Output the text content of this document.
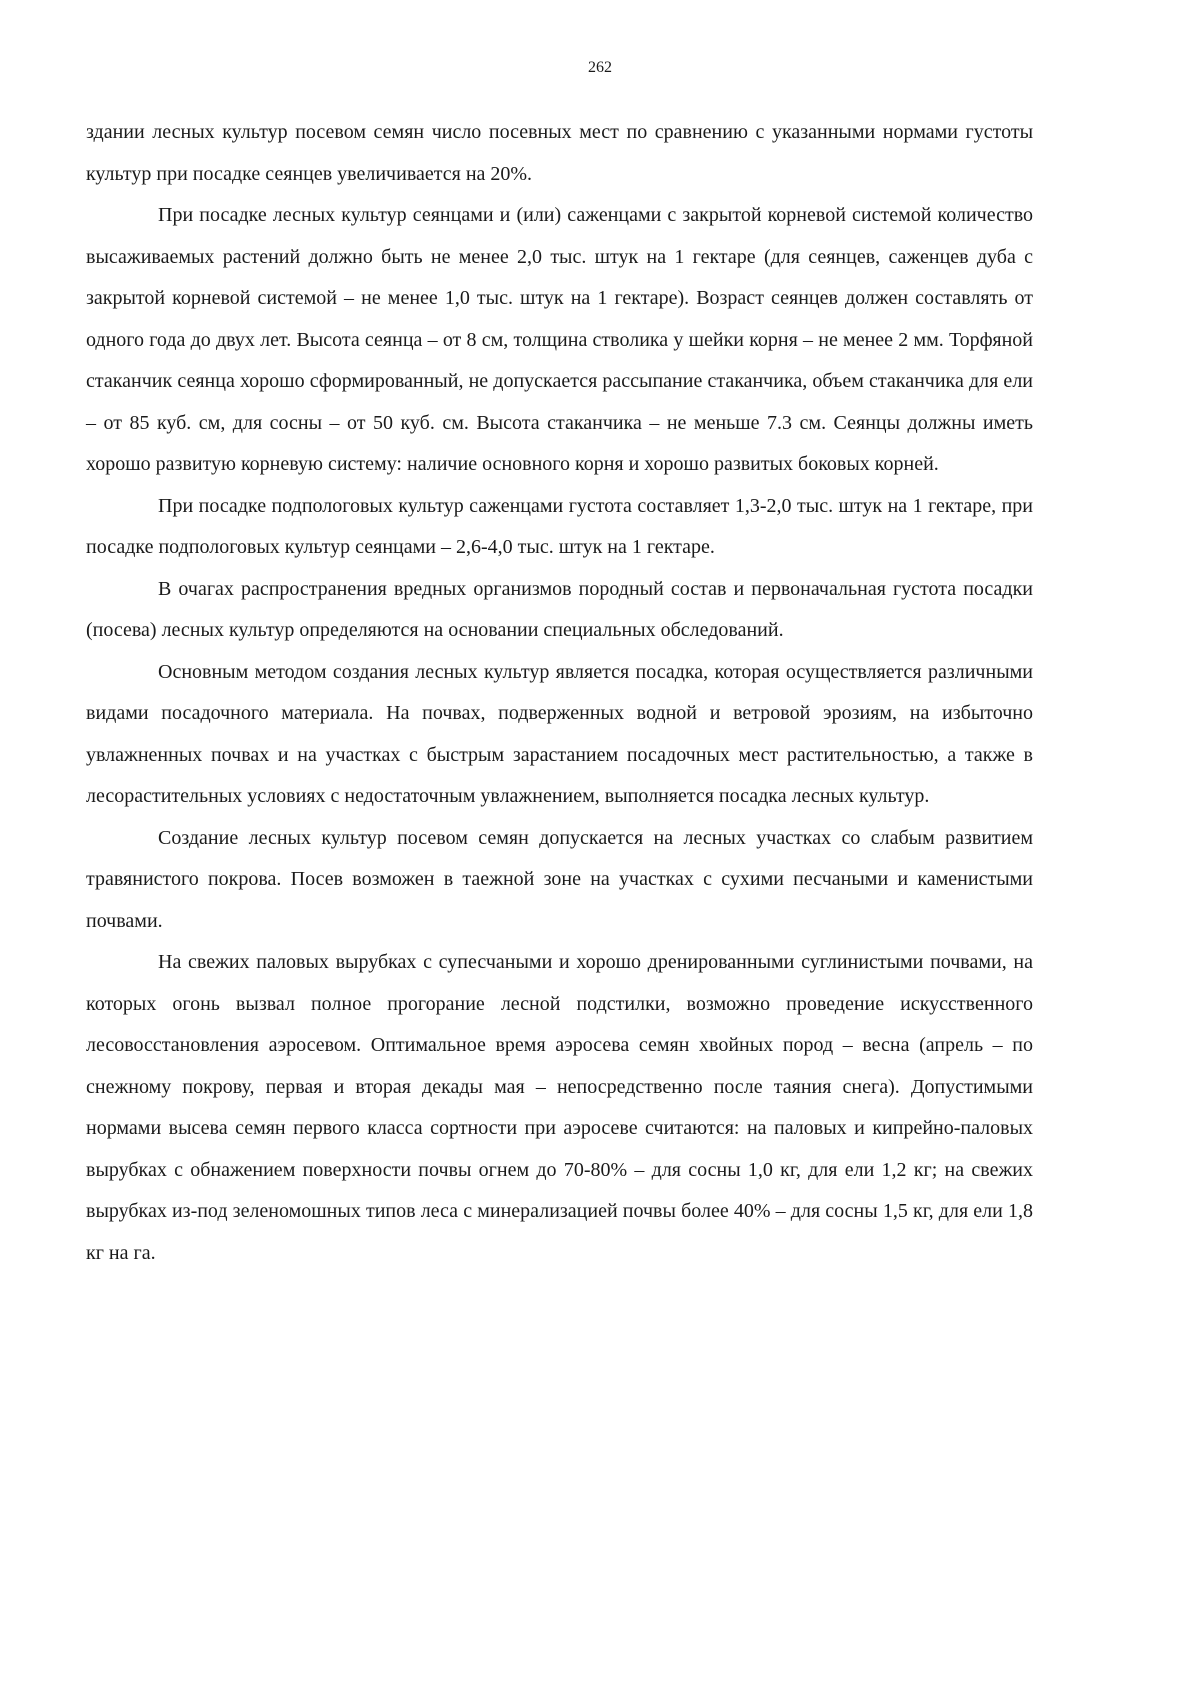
262

здании лесных культур посевом семян число посевных мест по сравнению с указанными нормами густоты культур при посадке сеянцев увеличивается на 20%.

При посадке лесных культур сеянцами и (или) саженцами с закрытой корневой системой количество высаживаемых растений должно быть не менее 2,0 тыс. штук на 1 гектаре (для сеянцев, саженцев дуба с закрытой корневой системой – не менее 1,0 тыс. штук на 1 гектаре). Возраст сеянцев должен составлять от одного года до двух лет. Высота сеянца – от 8 см, толщина стволика у шейки корня – не менее 2 мм. Торфяной стаканчик сеянца хорошо сформированный, не допускается рассыпание стаканчика, объем стаканчика для ели – от 85 куб. см, для сосны – от 50 куб. см. Высота стаканчика – не меньше 7.3 см. Сеянцы должны иметь хорошо развитую корневую систему: наличие основного корня и хорошо развитых боковых корней.

При посадке подпологовых культур саженцами густота составляет 1,3-2,0 тыс. штук на 1 гектаре, при посадке подпологовых культур сеянцами – 2,6-4,0 тыс. штук на 1 гектаре.

В очагах распространения вредных организмов породный состав и первоначальная густота посадки (посева) лесных культур определяются на основании специальных обследований.

Основным методом создания лесных культур является посадка, которая осуществляется различными видами посадочного материала. На почвах, подверженных водной и ветровой эрозиям, на избыточно увлажненных почвах и на участках с быстрым зарастанием посадочных мест растительностью, а также в лесорастительных условиях с недостаточным увлажнением, выполняется посадка лесных культур.

Создание лесных культур посевом семян допускается на лесных участках со слабым развитием травянистого покрова. Посев возможен в таежной зоне на участках с сухими песчаными и каменистыми почвами.

На свежих паловых вырубках с супесчаными и хорошо дренированными суглинистыми почвами, на которых огонь вызвал полное прогорание лесной подстилки, возможно проведение искусственного лесовосстановления аэросевом. Оптимальное время аэросева семян хвойных пород – весна (апрель – по снежному покрову, первая и вторая декады мая – непосредственно после таяния снега). Допустимыми нормами высева семян первого класса сортности при аэросеве считаются: на паловых и кипрейно-паловых вырубках с обнажением поверхности почвы огнем до 70-80% – для сосны 1,0 кг, для ели 1,2 кг; на свежих вырубках из-под зеленомошных типов леса с минерализацией почвы более 40% – для сосны 1,5 кг, для ели 1,8 кг на га.
